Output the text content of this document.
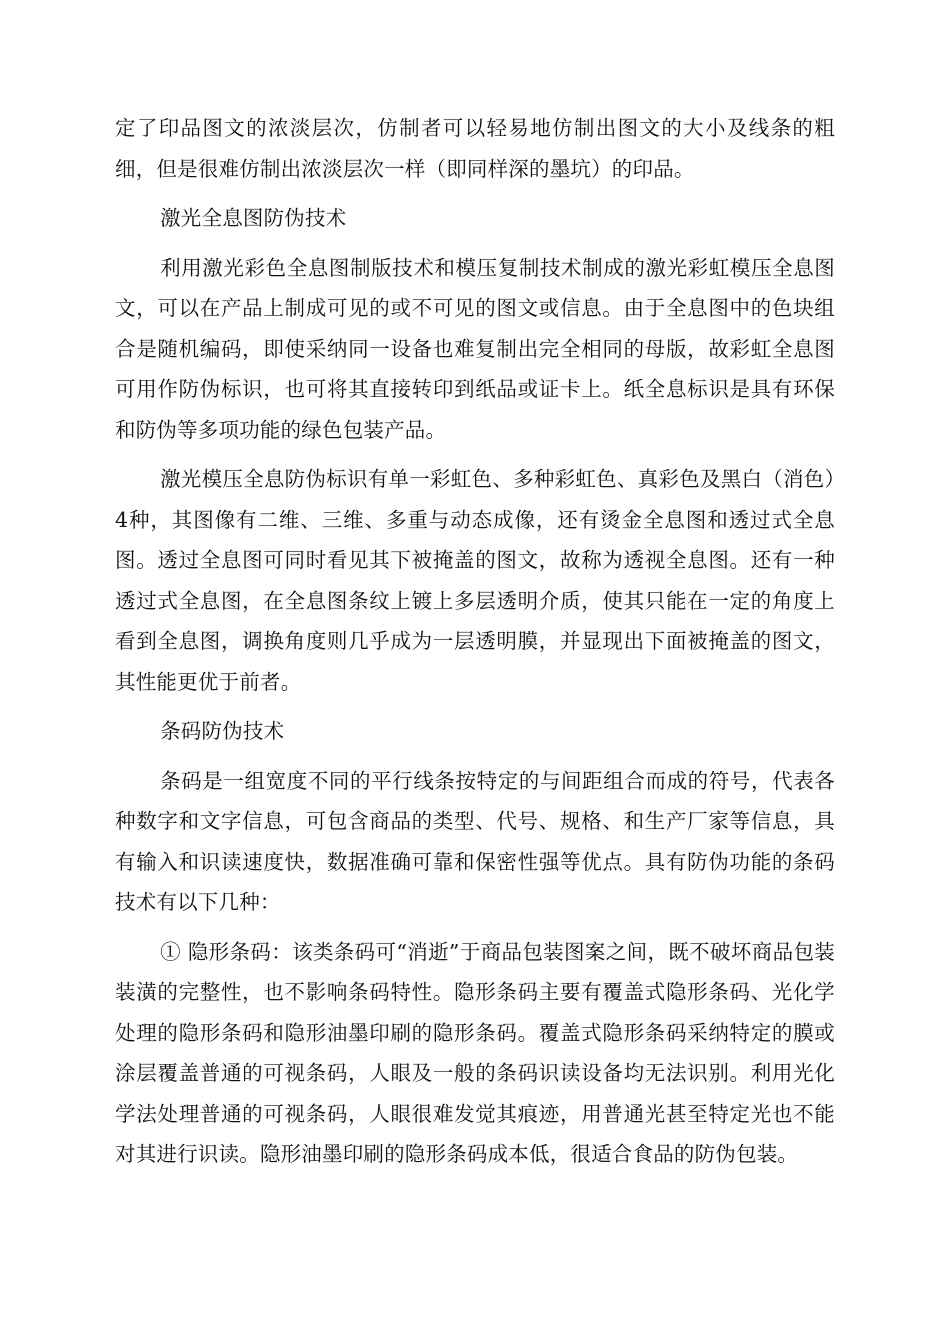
定了印品图文的浓淡层次，仿制者可以轻易地仿制出图文的大小及线条的粗细，但是很难仿制出浓淡层次一样（即同样深的墨坑）的印品。

激光全息图防伪技术

利用激光彩色全息图制版技术和模压复制技术制成的激光彩虹模压全息图文，可以在产品上制成可见的或不可见的图文或信息。由于全息图中的色块组合是随机编码，即使采纳同一设备也难复制出完全相同的母版，故彩虹全息图可用作防伪标识，也可将其直接转印到纸品或证卡上。纸全息标识是具有环保和防伪等多项功能的绿色包装产品。

激光模压全息防伪标识有单一彩虹色、多种彩虹色、真彩色及黑白（消色）4种，其图像有二维、三维、多重与动态成像，还有烫金全息图和透过式全息图。透过全息图可同时看见其下被掩盖的图文，故称为透视全息图。还有一种透过式全息图，在全息图条纹上镀上多层透明介质，使其只能在一定的角度上看到全息图，调换角度则几乎成为一层透明膜，并显现出下面被掩盖的图文，其性能更优于前者。

条码防伪技术

条码是一组宽度不同的平行线条按特定的与间距组合而成的符号，代表各种数字和文字信息，可包含商品的类型、代号、规格、和生产厂家等信息，具有输入和识读速度快，数据准确可靠和保密性强等优点。具有防伪功能的条码技术有以下几种：

① 隐形条码：该类条码可“消逝”于商品包装图案之间，既不破坏商品包装装潢的完整性，也不影响条码特性。隐形条码主要有覆盖式隐形条码、光化学处理的隐形条码和隐形油墨印刷的隐形条码。覆盖式隐形条码采纳特定的膜或涂层覆盖普通的可视条码，人眼及一般的条码识读设备均无法识别。利用光化学法处理普通的可视条码，人眼很难发觉其痕迹，用普通光甚至特定光也不能对其进行识读。隐形油墨印刷的隐形条码成本低，很适合食品的防伪包装。
